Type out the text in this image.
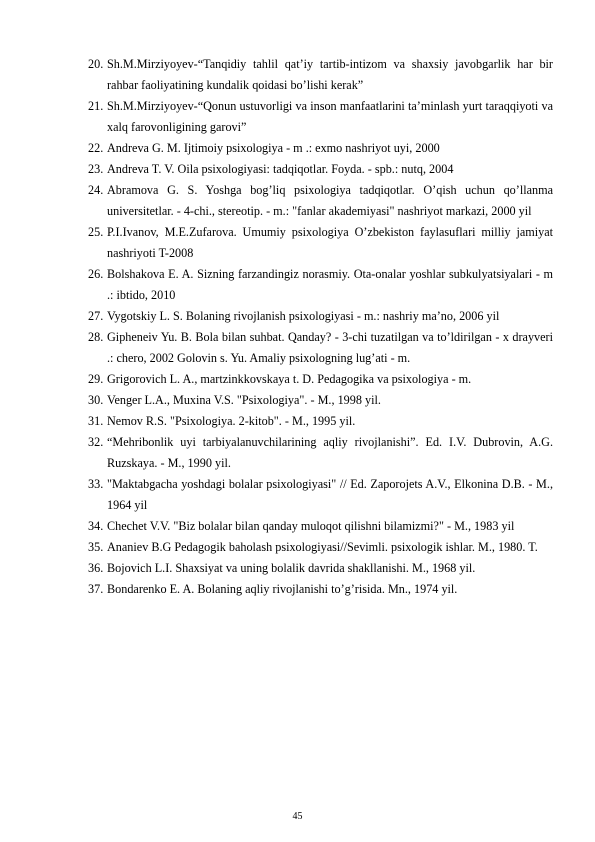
20. Sh.M.Mirziyoyev-“Tanqidiy tahlil qat’iy tartib-intizom va shaxsiy javobgarlik har bir rahbar faoliyatining kundalik qoidasi bo’lishi kerak”
21. Sh.M.Mirziyoyev-“Qonun ustuvorligi va inson manfaatlarini ta’minlash yurt taraqqiyoti va xalq farovonligining garovi”
22. Andreva G. M. Ijtimoiy psixologiya - m .: exmo nashriyot uyi, 2000
23. Andreva T. V. Oila psixologiyasi: tadqiqotlar. Foyda. - spb.: nutq, 2004
24. Abramova G. S. Yoshga bog’liq psixologiya tadqiqotlar. O’qish uchun qo’llanma universitetlar. - 4-chi., stereotip. - m.: "fanlar akademiyasi" nashriyot markazi, 2000 yil
25. P.I.Ivanov, M.E.Zufarova. Umumiy psixologiya O’zbekiston faylasuflari milliy jamiyat nashriyoti T-2008
26. Bolshakova E. A. Sizning farzandingiz norasmiy. Ota-onalar yoshlar subkulyatsiyalari - m .: ibtido, 2010
27. Vygotskiy L. S. Bolaning rivojlanish psixologiyasi - m.: nashriy ma’no, 2006 yil
28. Gipheneiv Yu. B. Bola bilan suhbat. Qanday? - 3-chi tuzatilgan va to’ldirilgan - x drayveri .: chero, 2002 Golovin s. Yu. Amaliy psixologning lug’ati - m.
29. Grigorovich L. A., martzinkkovskaya t. D. Pedagogika va psixologiya - m.
30. Venger L.A., Muxina V.S. "Psixologiya". - M., 1998 yil.
31. Nemov R.S. "Psixologiya. 2-kitob". - M., 1995 yil.
32. “Mehribonlik uyi tarbiyalanuvchilarining aqliy rivojlanishi”. Ed. I.V. Dubrovin, A.G. Ruzskaya. - M., 1990 yil.
33. "Maktabgacha yoshdagi bolalar psixologiyasi" // Ed. Zaporojets A.V., Elkonina D.B. - M., 1964 yil
34. Chechet V.V. "Biz bolalar bilan qanday muloqot qilishni bilamizmi?" - M., 1983 yil
35. Ananiev B.G Pedagogik baholash psixologiyasi//Sevimli. psixologik ishlar. M., 1980. T.
36. Bojovich L.I. Shaxsiyat va uning bolalik davrida shakllanishi. M., 1968 yil.
37. Bondarenko E. A. Bolaning aqliy rivojlanishi to’g’risida. Mn., 1974 yil.
45
